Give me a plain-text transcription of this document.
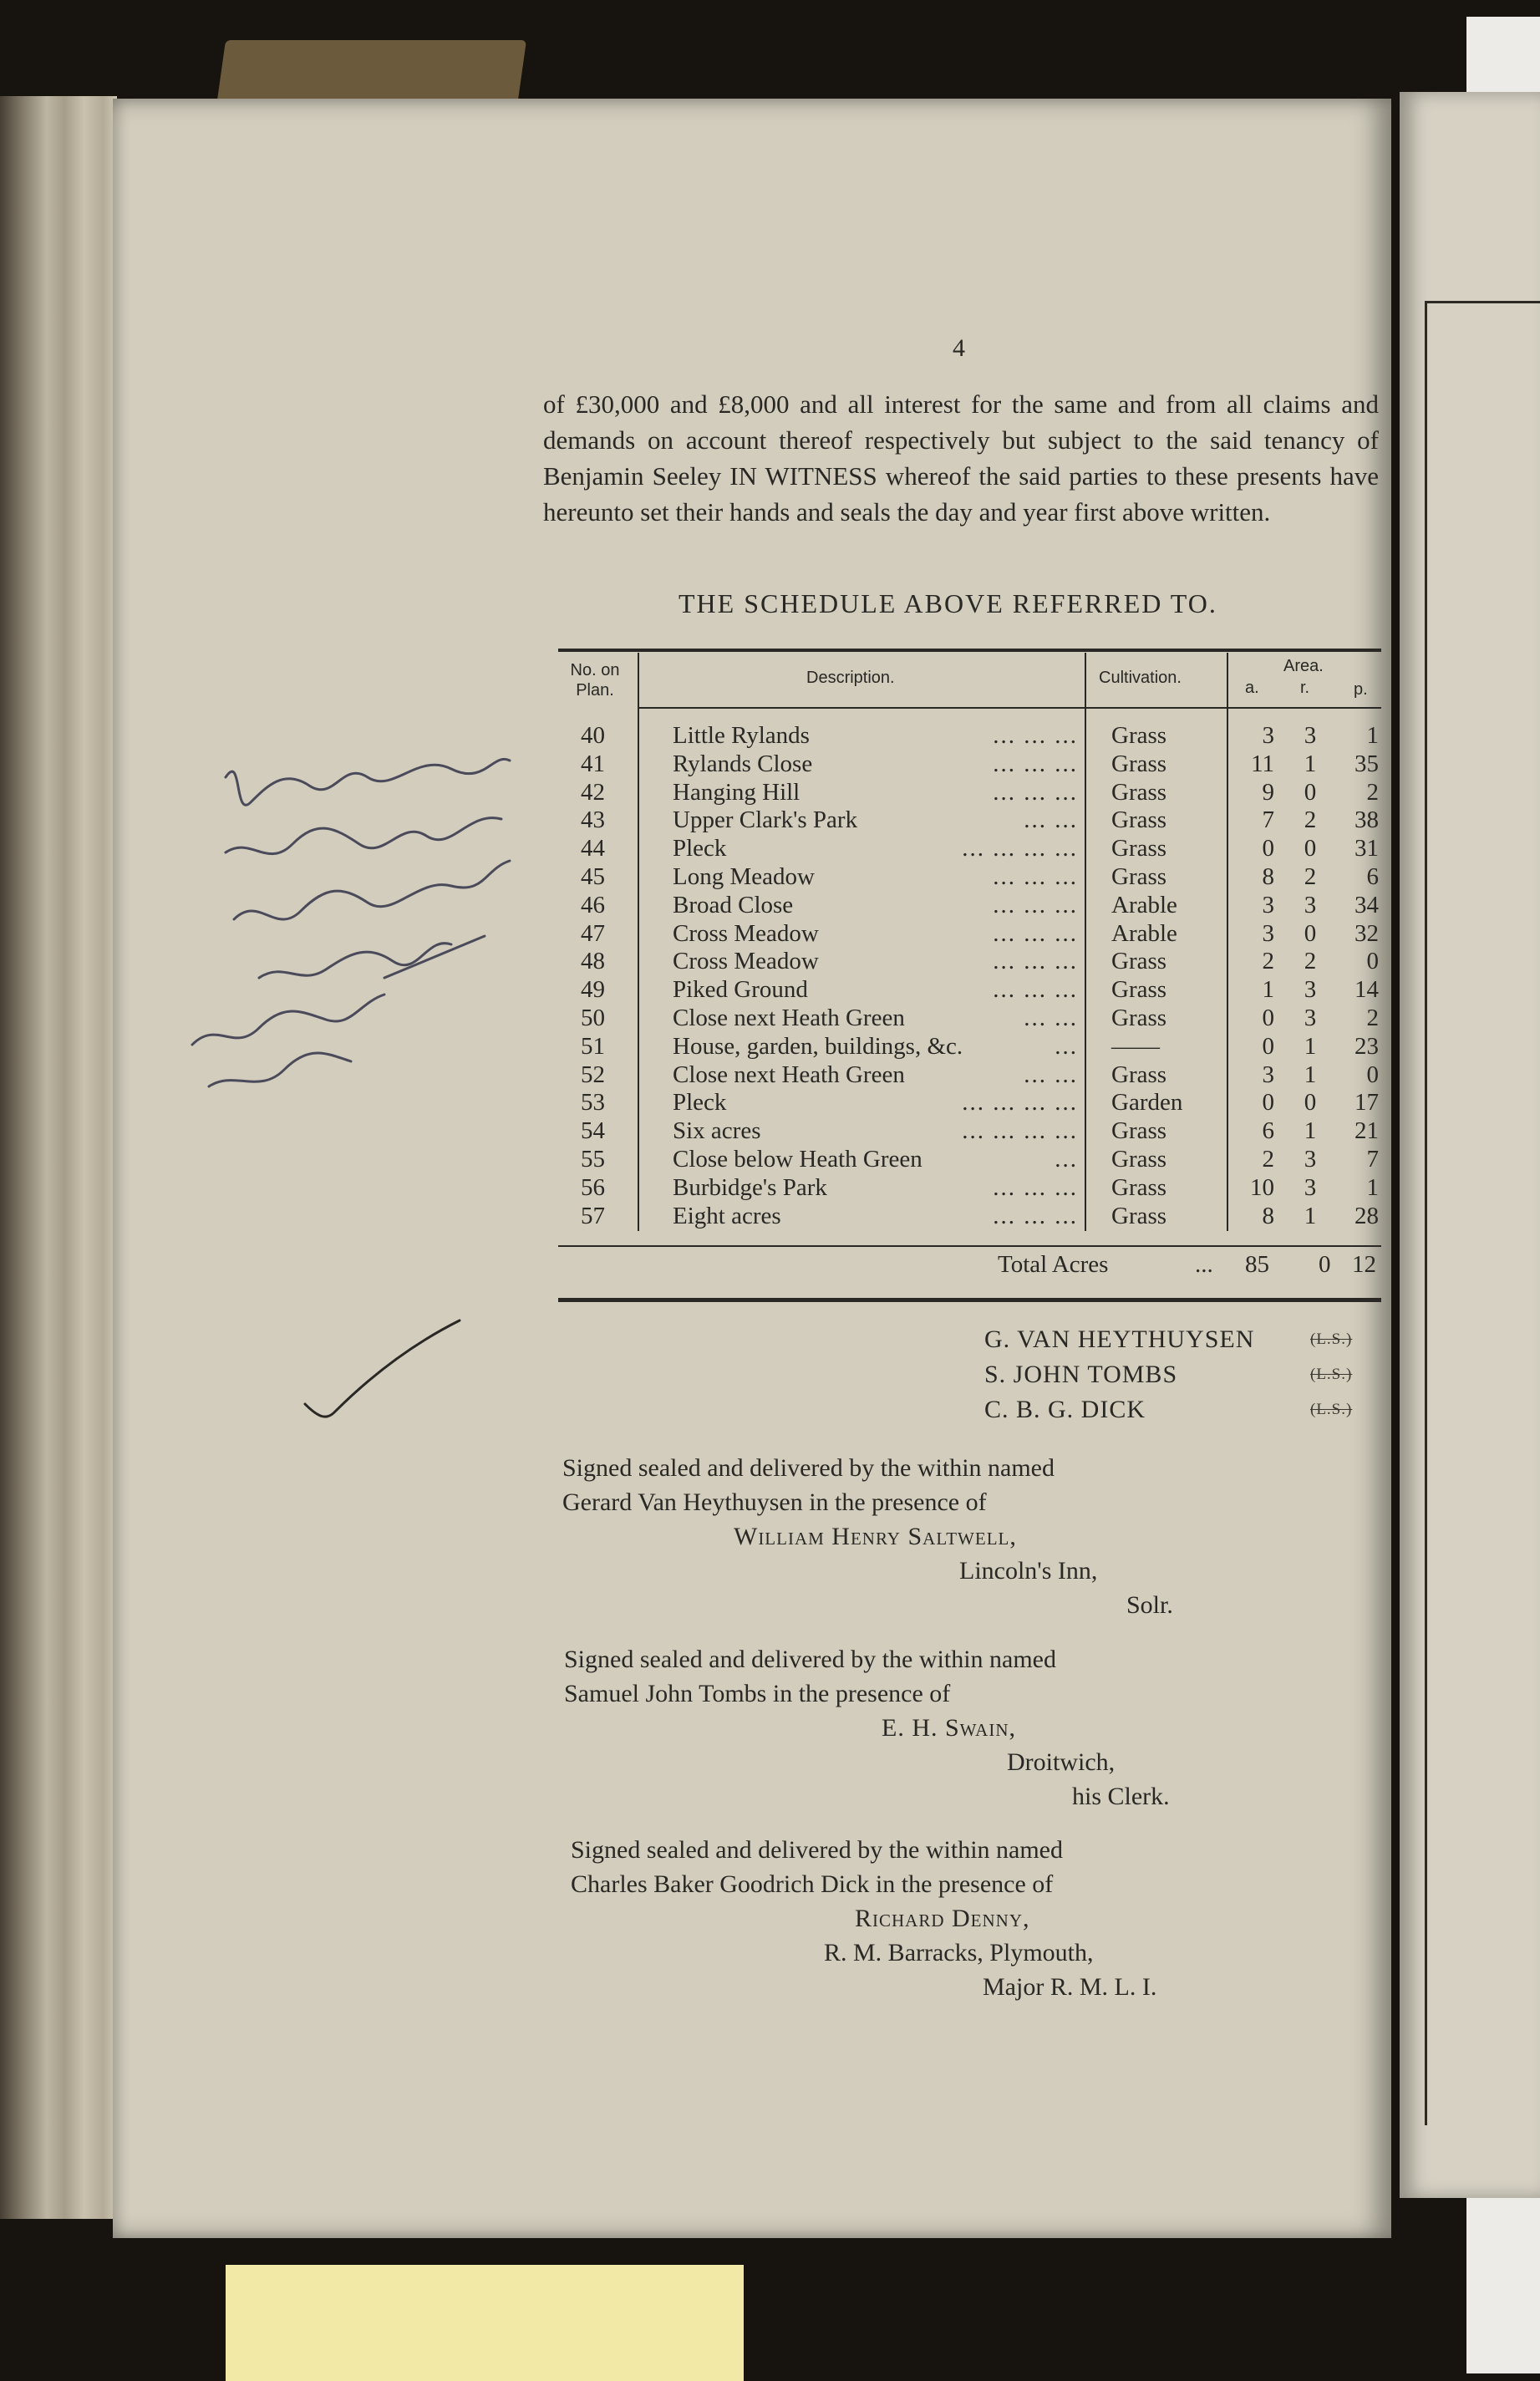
4
of £30,000 and £8,000 and all interest for the same and from all claims and demands on account thereof respectively but subject to the said tenancy of Benjamin Seeley IN WITNESS whereof the said parties to these presents have hereunto set their hands and seals the day and year first above written.
THE SCHEDULE ABOVE REFERRED TO.
No. on Plan.
Description.	Cultivation.
Area.
a. r.	p.
40	Little Rylands	... ... ... Grass	3 3	1
41	Rylands Close	... ... ... Grass	11 1	35
42	Hanging Hill	... ... ... Grass	9 0	2
43	Upper Clark's Park	... ... Grass	7 2	38
44	Pleck	... ... ... ... Grass	0 0	31
45	Long Meadow	... ... ... Grass	8 2	6
46	Broad Close	... ... ... Arable	3 3	34
47	Cross Meadow	... ... ... Arable	3 0	32
48	Cross Meadow	... ... ... Grass	2 2	0
49	Piked Ground	... ... ... Grass	1 3	14
50	Close next Heath Green	... ... Grass	0 3	2
51	House, garden, buildings, &c.	... ——	0 1	23
52	Close next Heath Green	... ... Grass	3 1	0
53	Pleck	... ... ... ... Garden	0 0	17
54	Six acres	... ... ... ... Grass	6 1	21
55	Close below Heath Green	... Grass	2 3	7
56	Burbidge's Park	... ... ... Grass	10 3	1
57	Eight acres	... ... ... Grass	8 1	28
Total Acres	... 85 0 12
G. VAN HEYTHUYSEN	(L.S.)
S. JOHN TOMBS	(L.S.)
C. B. G. DICK	(L.S.)
Signed sealed and delivered by the within named
Gerard Van Heythuysen in the presence of
William Henry Saltwell,
Lincoln's Inn,
Solr.
Signed sealed and delivered by the within named
Samuel John Tombs in the presence of
E. H. Swain,
Droitwich,
his Clerk.
Signed sealed and delivered by the within named
Charles Baker Goodrich Dick in the presence of
Richard Denny,
R. M. Barracks, Plymouth,
Major R. M. L. I.
